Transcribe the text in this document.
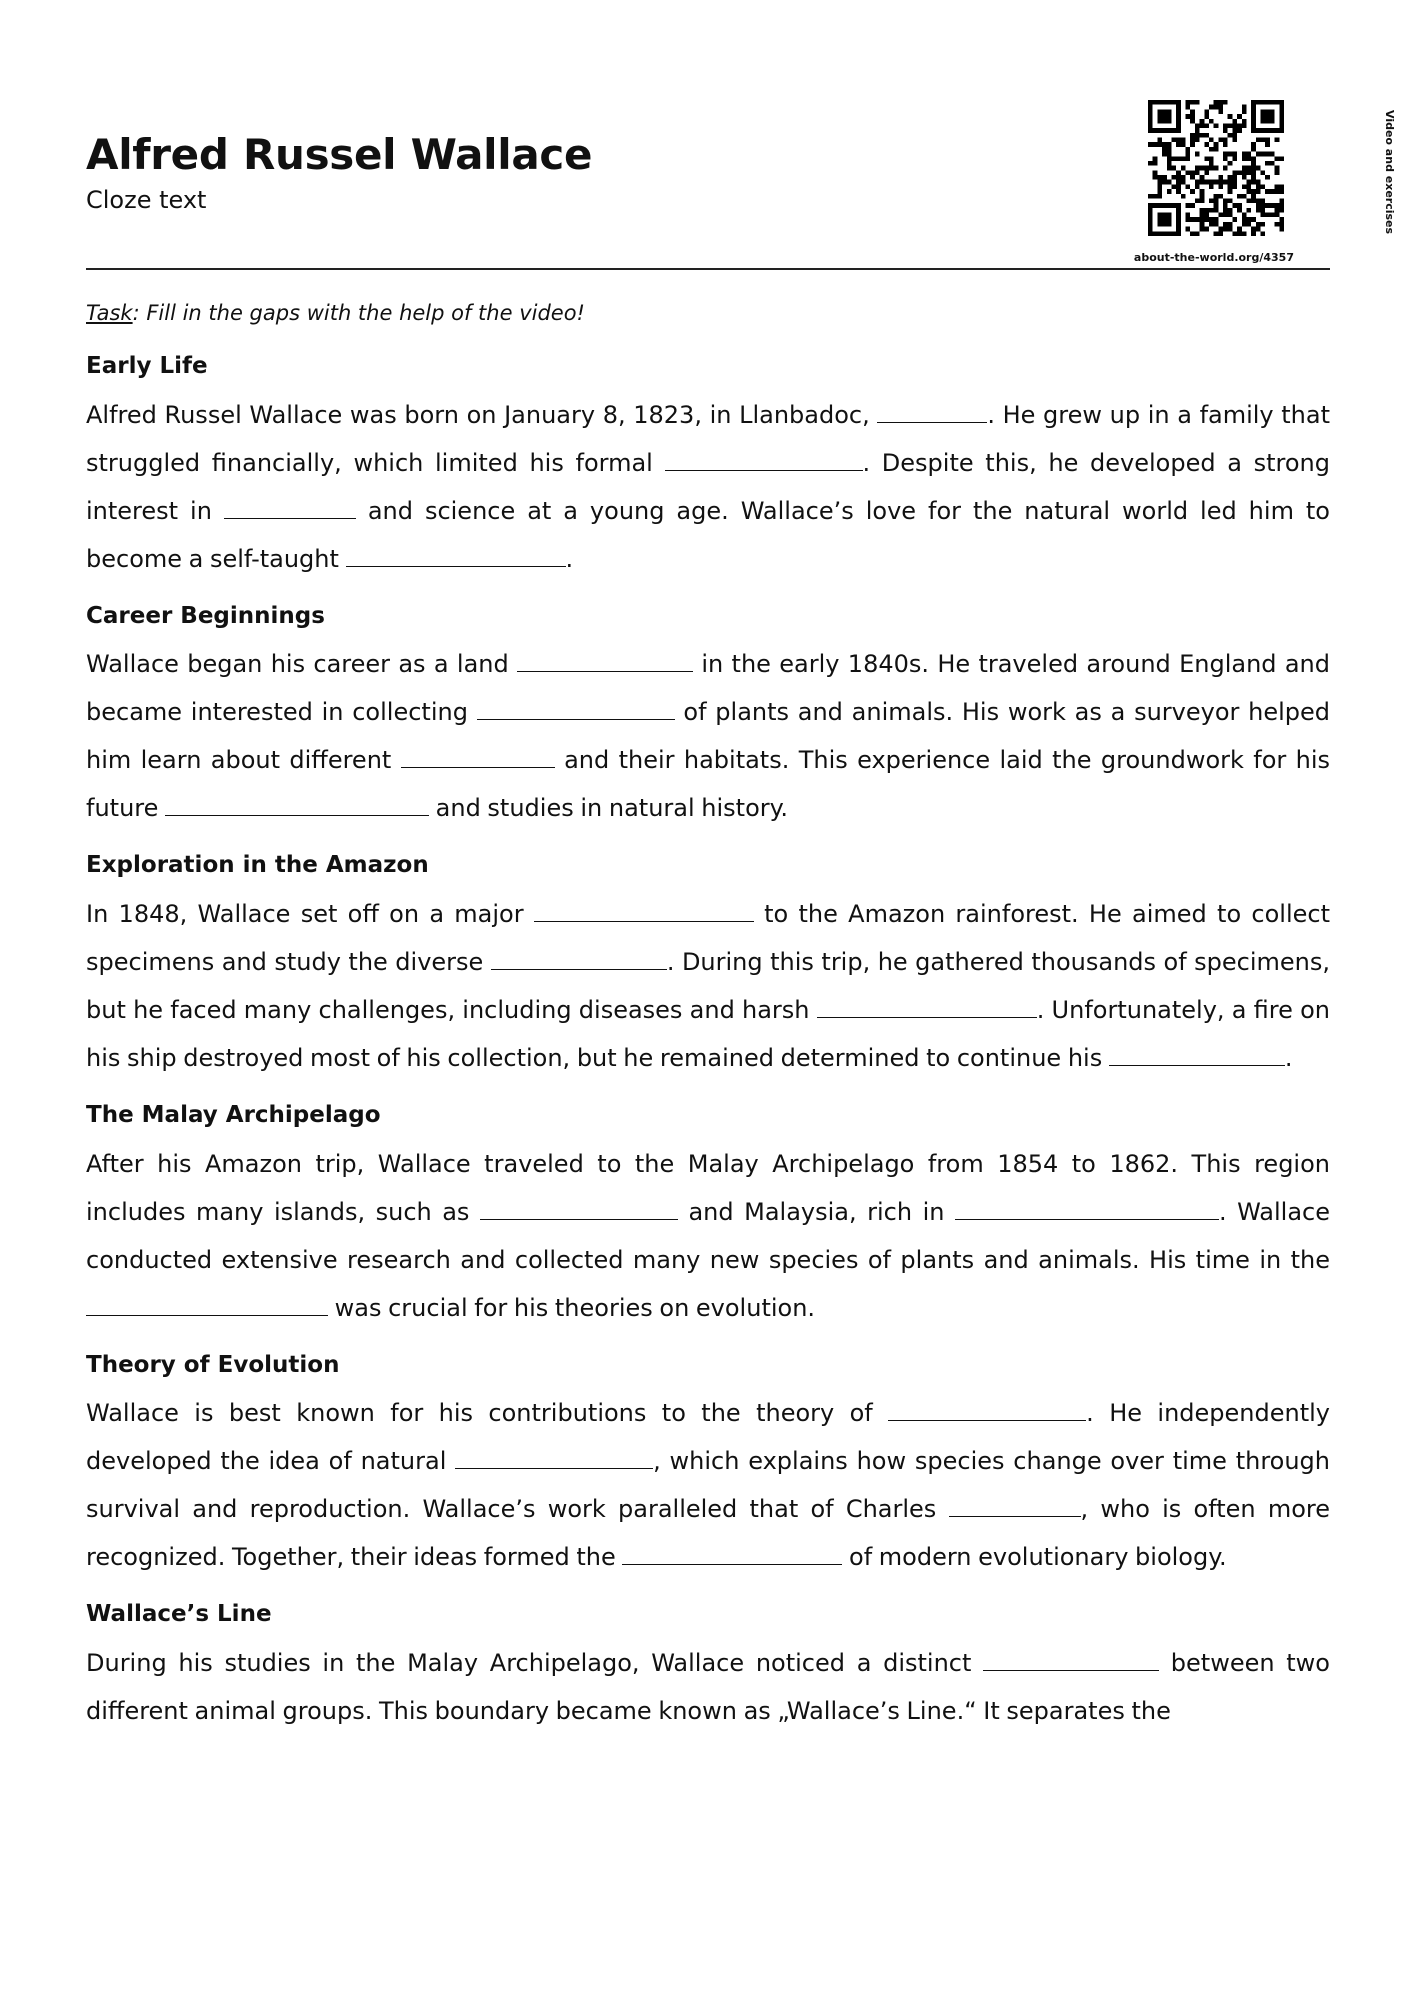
Alfred Russel Wallace
Cloze text	Video and exercises
about-the-world.org/4357

Task: Fill in the gaps with the help of the video!

Early Life

Alfred Russel Wallace was born on January 8, 1823, in Llanbadoc,	. He grew up in a family that struggled financially, which limited his formal	. Despite this, he developed a strong interest in	and science at a young age. Wallace’s love for the natural world led him to become a self-taught	.

Career Beginnings

Wallace began his career as a land	in the early 1840s. He traveled around England and became interested in collecting	of plants and animals. His work as a surveyor helped him learn about different	and their habitats. This experience laid the groundwork for his future	and studies in natural history.

Exploration in the Amazon

In 1848, Wallace set off on a major	to the Amazon rainforest. He aimed to collect specimens and study the diverse	. During this trip, he gathered thousands of specimens, but he faced many challenges, including diseases and harsh	. Unfortunately, a fire on his ship destroyed most of his collection, but he remained determined to continue his	.

The Malay Archipelago

After his Amazon trip, Wallace traveled to the Malay Archipelago from 1854 to 1862. This region includes many islands, such as	and Malaysia, rich in	. Wallace conducted extensive research and collected many new species of plants and animals. His time in the  was crucial for his theories on evolution.

Theory of Evolution

Wallace is best known for his contributions to the theory of	. He independently developed the idea of natural	, which explains how species change over time through survival and reproduction. Wallace’s work paralleled that of Charles	, who is often more recognized. Together, their ideas formed the	of modern evolutionary biology.

Wallace’s Line

During his studies in the Malay Archipelago, Wallace noticed a distinct	between two different animal groups. This boundary became known as „Wallace’s Line.“ It separates the
